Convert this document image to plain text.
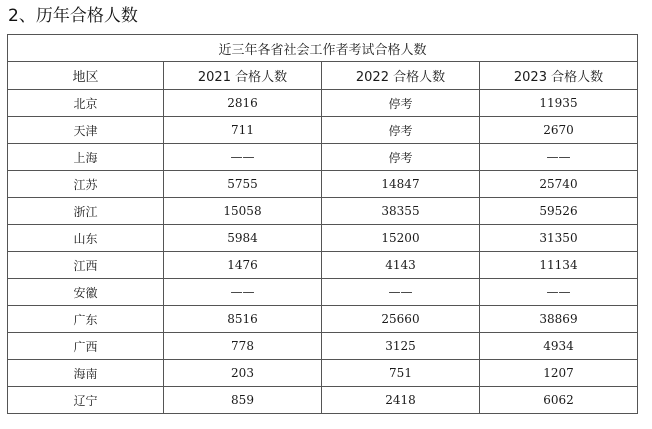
2、历年合格人数
近三年各省社会工作者考试合格人数			
地区	2021 合格人数	2022 合格人数	2023 合格人数
北京	2816	停考	11935
天津	711	停考	2670
上海	——	停考	——
江苏	5755	14847	25740
浙江	15058	38355	59526
山东	5984	15200	31350
江西	1476	4143	11134
安徽	——	——	——
广东	8516	25660	38869
广西	778	3125	4934
海南	203	751	1207
辽宁	859	2418	6062
